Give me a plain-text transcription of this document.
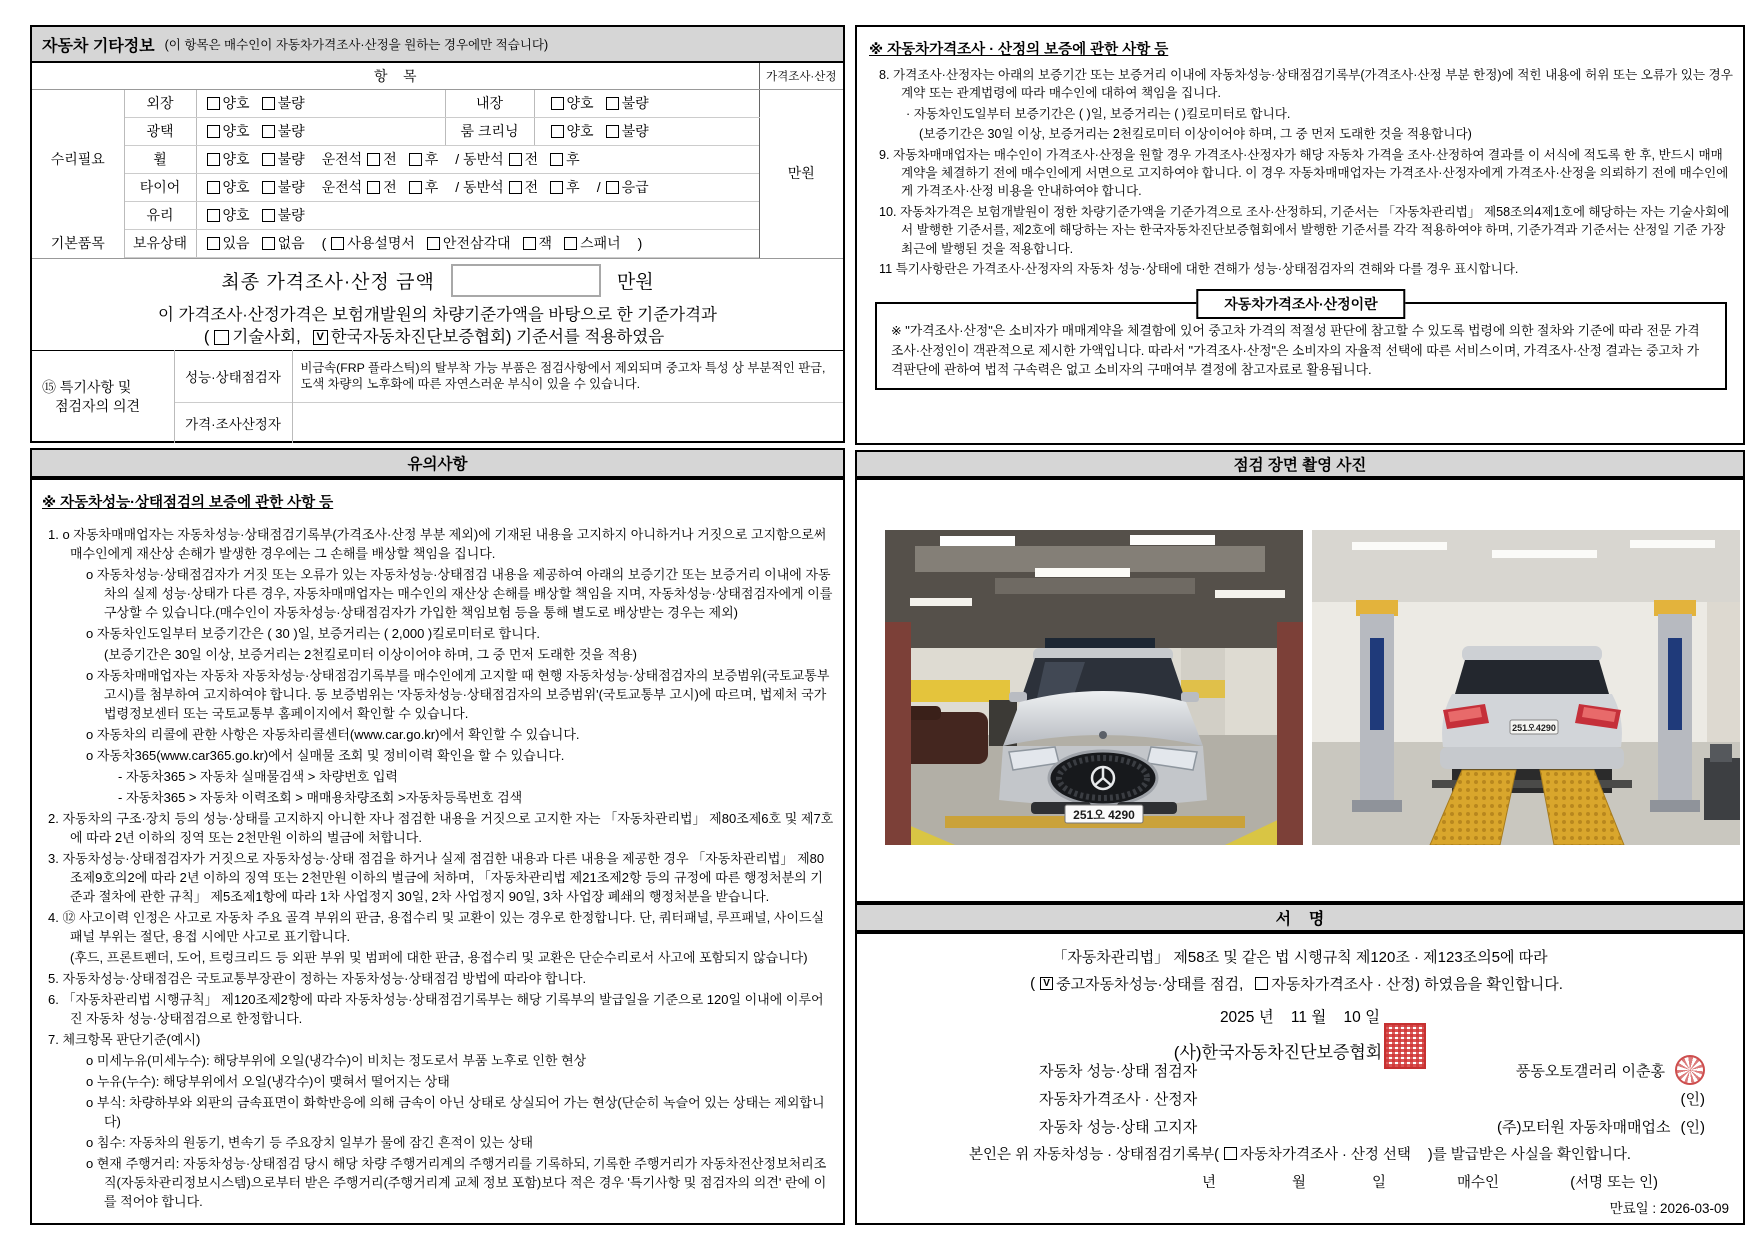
자동차 기타정보 (이 항목은 매수인이 자동차가격조사·산정을 원하는 경우에만 적습니다)
항    목			가격조사·산정
수리필요	외장	양호 불량 내장 양호 불량	만원
	광택	양호 불량 룸 크리닝 양호 불량	

휠	양호 불량 운전석 전 후 / 동반석 전 후

타이어	양호 불량 운전석 전 후 / 동반석 전 후 / 응급

	유리	양호 불량	

기본품목	보유상태	있음 없음 ( 사용설명서 안전삼각대 잭 스패너 )
최종 가격조사·산정 금액	만원
이 가격조사·산정가격은 보험개발원의 차량기준가액을 바탕으로 한 기준가격과
( 기술사회,	V 한국자동차진단보증협회) 기준서를 적용하였음
⑮ 특기사항 및
점검자의 의견	성능·상태점검자	비금속(FRP 플라스틱)의 탈부착 가능 부품은 점검사항에서 제외되며 중고차 특성 상 부분적인 판금,도색 차량의 노후화에 따른 자연스러운 부식이 있을 수 있습니다.
	가격·조사산정자	
※ 자동차가격조사 · 산정의 보증에 관한 사항 등

8. 가격조사·산정자는 아래의 보증기간 또는 보증거리 이내에 자동차성능·상태점검기록부(가격조사·산정 부분 한정)에 적힌 내용에 허위 또는 오류가 있는 경우 계약 또는 관계법령에 따라 매수인에 대하여 책임을 집니다.

· 자동차인도일부터 보증기간은 ( )일, 보증거리는 ( )킬로미터로 합니다.

(보증기간은 30일 이상, 보증거리는 2천킬로미터 이상이어야 하며, 그 중 먼저 도래한 것을 적용합니다)

9. 자동차매매업자는 매수인이 가격조사·산정을 원할 경우 가격조사·산정자가 해당 자동차 가격을 조사·산정하여 결과를 이 서식에 적도록 한 후, 반드시 매매계약을 체결하기 전에 매수인에게 서면으로 고지하여야 합니다. 이 경우 자동차매매업자는 가격조사·산정자에게 가격조사·산정을 의뢰하기 전에 매수인에게 가격조사·산정 비용을 안내하여야 합니다.

10. 자동차가격은 보험개발원이 정한 차량기준가액을 기준가격으로 조사·산정하되, 기준서는 「자동차관리법」 제58조의4제1호에 해당하는 자는 기술사회에서 발행한 기준서를, 제2호에 해당하는 자는 한국자동차진단보증협회에서 발행한 기준서를 각각 적용하여야 하며, 기준가격과 기준서는 산정일 기준 가장 최근에 발행된 것을 적용합니다.

11 특기사항란은 가격조사·산정자의 자동차 성능·상태에 대한 견해가 성능·상태점검자의 견해와 다를 경우 표시합니다.

자동차가격조사·산정이란
※ "가격조사·산정"은 소비자가 매매계약을 체결함에 있어 중고차 가격의 적절성 판단에 참고할 수 있도록 법령에 의한 절차와 기준에 따라 전문 가격조사·산정인이 객관적으로 제시한 가액입니다. 따라서 "가격조사·산정"은 소비자의 자율적 선택에 따른 서비스이며, 가격조사·산정 결과는 중고차 가격판단에 관하여 법적 구속력은 없고 소비자의 구매여부 결정에 참고자료로 활용됩니다.
유의사항
※ 자동차성능·상태점검의 보증에 관한 사항 등

1. o 자동차매매업자는 자동차성능·상태점검기록부(가격조사·산정 부분 제외)에 기재된 내용을 고지하지 아니하거나 거짓으로 고지함으로써 매수인에게 재산상 손해가 발생한 경우에는 그 손해를 배상할 책임을 집니다.

o 자동차성능·상태점검자가 거짓 또는 오류가 있는 자동차성능·상태점검 내용을 제공하여 아래의 보증기간 또는 보증거리 이내에 자동차의 실제 성능·상태가 다른 경우, 자동차매매업자는 매수인의 재산상 손해를 배상할 책임을 지며, 자동차성능·상태점검자에게 이를 구상할 수 있습니다.(매수인이 자동차성능·상태점검자가 가입한 책임보험 등을 통해 별도로 배상받는 경우는 제외)

o 자동차인도일부터 보증기간은 ( 30 )일, 보증거리는 ( 2,000 )킬로미터로 합니다.

(보증기간은 30일 이상, 보증거리는 2천킬로미터 이상이어야 하며, 그 중 먼저 도래한 것을 적용)

o 자동차매매업자는 자동차 자동차성능·상태점검기록부를 매수인에게 고지할 때 현행 자동차성능·상태점검자의 보증범위(국토교통부 고시)를 첨부하여 고지하여야 합니다. 동 보증범위는 '자동차성능·상태점검자의 보증범위'(국토교통부 고시)에 따르며, 법제처 국가법령정보센터 또는 국토교통부 홈페이지에서 확인할 수 있습니다.

o 자동차의 리콜에 관한 사항은 자동차리콜센터(www.car.go.kr)에서 확인할 수 있습니다.

o 자동차365(www.car365.go.kr)에서 실매물 조회 및 정비이력 확인을 할 수 있습니다.

- 자동차365 > 자동차 실매물검색 > 차량번호 입력

- 자동차365 > 자동차 이력조회 > 매매용차량조회 >자동차등록번호 검색

2. 자동차의 구조·장치 등의 성능·상태를 고지하지 아니한 자나 점검한 내용을 거짓으로 고지한 자는 「자동차관리법」 제80조제6호 및 제7호에 따라 2년 이하의 징역 또는 2천만원 이하의 벌금에 처합니다.

3. 자동차성능·상태점검자가 거짓으로 자동차성능·상태 점검을 하거나 실제 점검한 내용과 다른 내용을 제공한 경우 「자동차관리법」 제80조제9호의2에 따라 2년 이하의 징역 또는 2천만원 이하의 벌금에 처하며, 「자동차관리법 제21조제2항 등의 규정에 따른 행정처분의 기준과 절차에 관한 규칙」 제5조제1항에 따라 1차 사업정지 30일, 2차 사업정지 90일, 3차 사업장 폐쇄의 행정처분을 받습니다.

4. ⑫ 사고이력 인정은 사고로 자동차 주요 골격 부위의 판금, 용접수리 및 교환이 있는 경우로 한정합니다. 단, 쿼터패널, 루프패널, 사이드실패널 부위는 절단, 용접 시에만 사고로 표기합니다.

(후드, 프론트펜더, 도어, 트렁크리드 등 외판 부위 및 범퍼에 대한 판금, 용접수리 및 교환은 단순수리로서 사고에 포함되지 않습니다)

5. 자동차성능·상태점검은 국토교통부장관이 정하는 자동차성능·상태점검 방법에 따라야 합니다.

6. 「자동차관리법 시행규칙」 제120조제2항에 따라 자동차성능·상태점검기록부는 해당 기록부의 발급일을 기준으로 120일 이내에 이루어진 자동차 성능·상태점검으로 한정합니다.

7. 체크항목 판단기준(예시)

o 미세누유(미세누수): 해당부위에 오일(냉각수)이 비치는 정도로서 부품 노후로 인한 현상

o 누유(누수): 해당부위에서 오일(냉각수)이 맺혀서 떨어지는 상태

o 부식: 차량하부와 외판의 금속표면이 화학반응에 의해 금속이 아닌 상태로 상실되어 가는 현상(단순히 녹슬어 있는 상태는 제외합니다)

o 침수: 자동차의 원동기, 변속기 등 주요장치 일부가 물에 잠긴 흔적이 있는 상태

o 현재 주행거리: 자동차성능·상태점검 당시 해당 차량 주행거리계의 주행거리를 기록하되, 기록한 주행거리가 자동차전산정보처리조직(자동차관리정보시스템)으로부터 받은 주행거리(주행거리계 교체 정보 포함)보다 적은 경우 '특기사항 및 점검자의 의견' 란에 이를 적어야 합니다.

점검 장면 촬영 사진
251오 4290
251오4290
서    명
「자동차관리법」 제58조 및 같은 법 시행규칙 제120조 · 제123조의5에 따라
( V 중고자동차성능·상태를 점검, 자동차가격조사 · 산정) 하였음을 확인합니다.
2025 년    11 월    10 일
(사)한국자동차진단보증협회
자동차 성능·상태 점검자	풍동오토갤러리 이춘홍
자동차가격조사 · 산정자	(인)
자동차 성능·상태 고지자	(주)모터원 자동차매매업소 (인)
본인은 위 자동차성능 · 상태점검기록부( 자동차가격조사 · 산정 선택 )를 발급받은 사실을 확인합니다.
년	월	일	매수인	(서명 또는 인)
만료일 : 2026-03-09
